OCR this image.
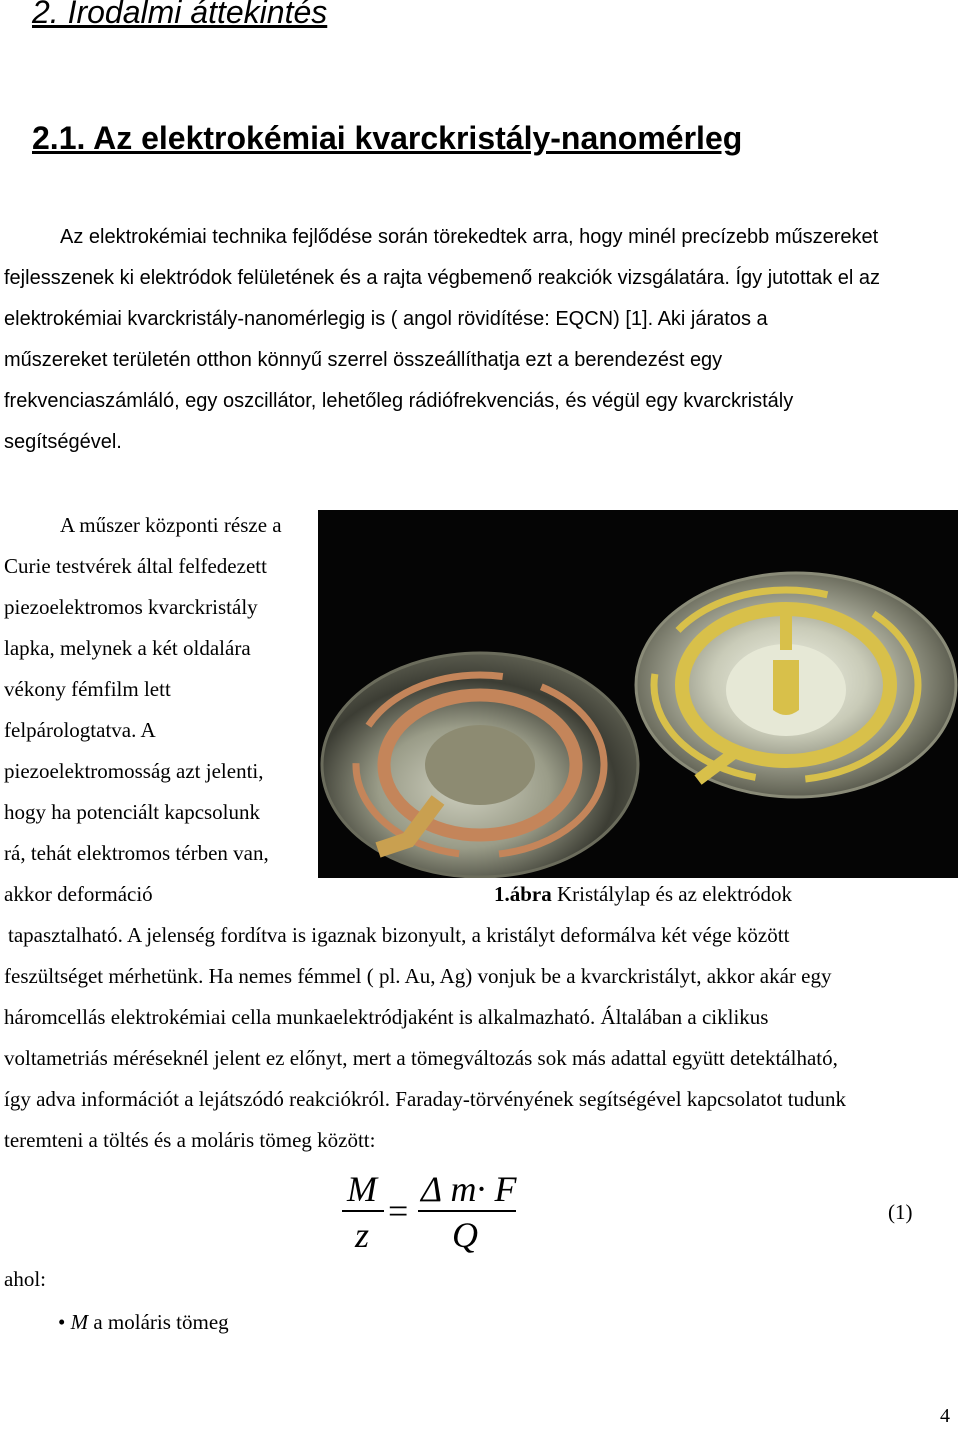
2. Irodalmi áttekintés
2.1. Az elektrokémiai kvarckristály-nanomérleg
Az elektrokémiai technika fejlődése során törekedtek arra, hogy minél precízebb műszereket
fejlesszenek ki elektródok felületének és a rajta végbemenő reakciók vizsgálatára. Így jutottak el az
elektrokémiai kvarckristály-nanomérlegig is ( angol rövidítése: EQCN) [1]. Aki járatos a
műszereket területén otthon könnyű szerrel összeállíthatja ezt a berendezést egy
frekvenciaszámláló, egy oszcillátor, lehetőleg rádiófrekvenciás, és végül egy kvarckristály
segítségével.
A műszer központi része a
Curie testvérek által felfedezett
piezoelektromos kvarckristály
lapka, melynek a két oldalára
vékony fémfilm lett
felpárologtatva. A
piezoelektromosság azt jelenti,
hogy ha potenciált kapcsolunk
rá, tehát elektromos térben van,
akkor deformáció	1.ábra Kristálylap és az elektródok
tapasztalható. A jelenség fordítva is igaznak bizonyult, a kristályt deformálva két vége között
feszültséget mérhetünk. Ha nemes fémmel ( pl. Au, Ag) vonjuk be a kvarckristályt, akkor akár egy
háromcellás elektrokémiai cella munkaelektródjaként is alkalmazható. Általában a ciklikus
voltametriás méréseknél jelent ez előnyt, mert a tömegváltozás sok más adattal együtt detektálható,
így adva információt a lejátszódó reakciókról. Faraday-törvényének segítségével kapcsolatot tudunk
teremteni a töltés és a moláris tömeg között:
M
z
=
Δ m· F
Q
(1)
ahol:
• M a moláris tömeg
4
